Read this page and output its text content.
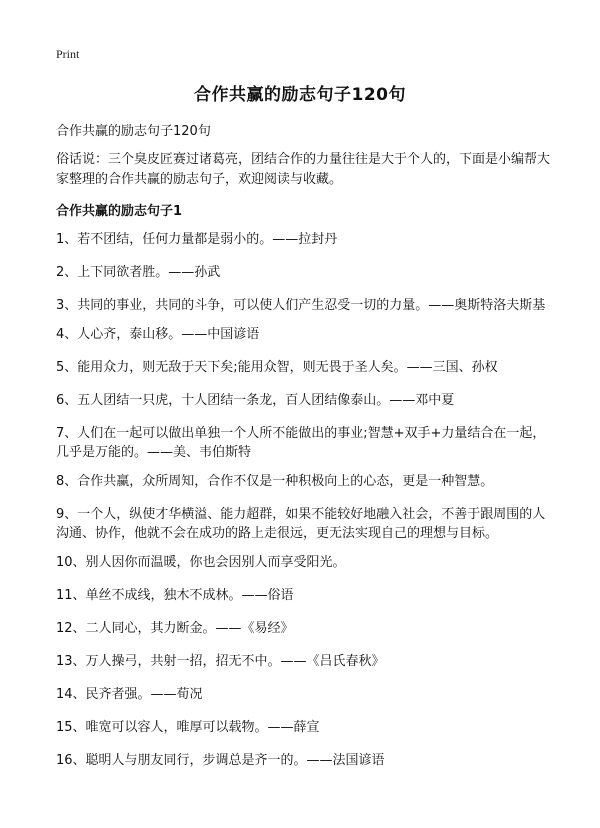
Print
合作共赢的励志句子120句
合作共赢的励志句子120句
俗话说：三个臭皮匠赛过诸葛亮，团结合作的力量往往是大于个人的，下面是小编帮大家整理的合作共赢的励志句子，欢迎阅读与收藏。
合作共赢的励志句子1
1、若不团结，任何力量都是弱小的。——拉封丹
2、上下同欲者胜。——孙武
3、共同的事业，共同的斗争，可以使人们产生忍受一切的力量。——奥斯特洛夫斯基
4、人心齐，泰山移。——中国谚语
5、能用众力，则无敌于天下矣;能用众智，则无畏于圣人矣。——三国、孙权
6、五人团结一只虎，十人团结一条龙，百人团结像泰山。——邓中夏
7、人们在一起可以做出单独一个人所不能做出的事业;智慧+双手+力量结合在一起，几乎是万能的。——美、韦伯斯特
8、合作共赢，众所周知，合作不仅是一种积极向上的心态，更是一种智慧。
9、一个人，纵使才华横溢、能力超群，如果不能较好地融入社会，不善于跟周围的人沟通、协作，他就不会在成功的路上走很远，更无法实现自己的理想与目标。
10、别人因你而温暖，你也会因别人而享受阳光。
11、单丝不成线，独木不成林。——俗语
12、二人同心，其力断金。——《易经》
13、万人操弓，共射一招，招无不中。——《吕氏春秋》
14、民齐者强。——荀况
15、唯宽可以容人，唯厚可以载物。——薛宣
16、聪明人与朋友同行，步调总是齐一的。——法国谚语
